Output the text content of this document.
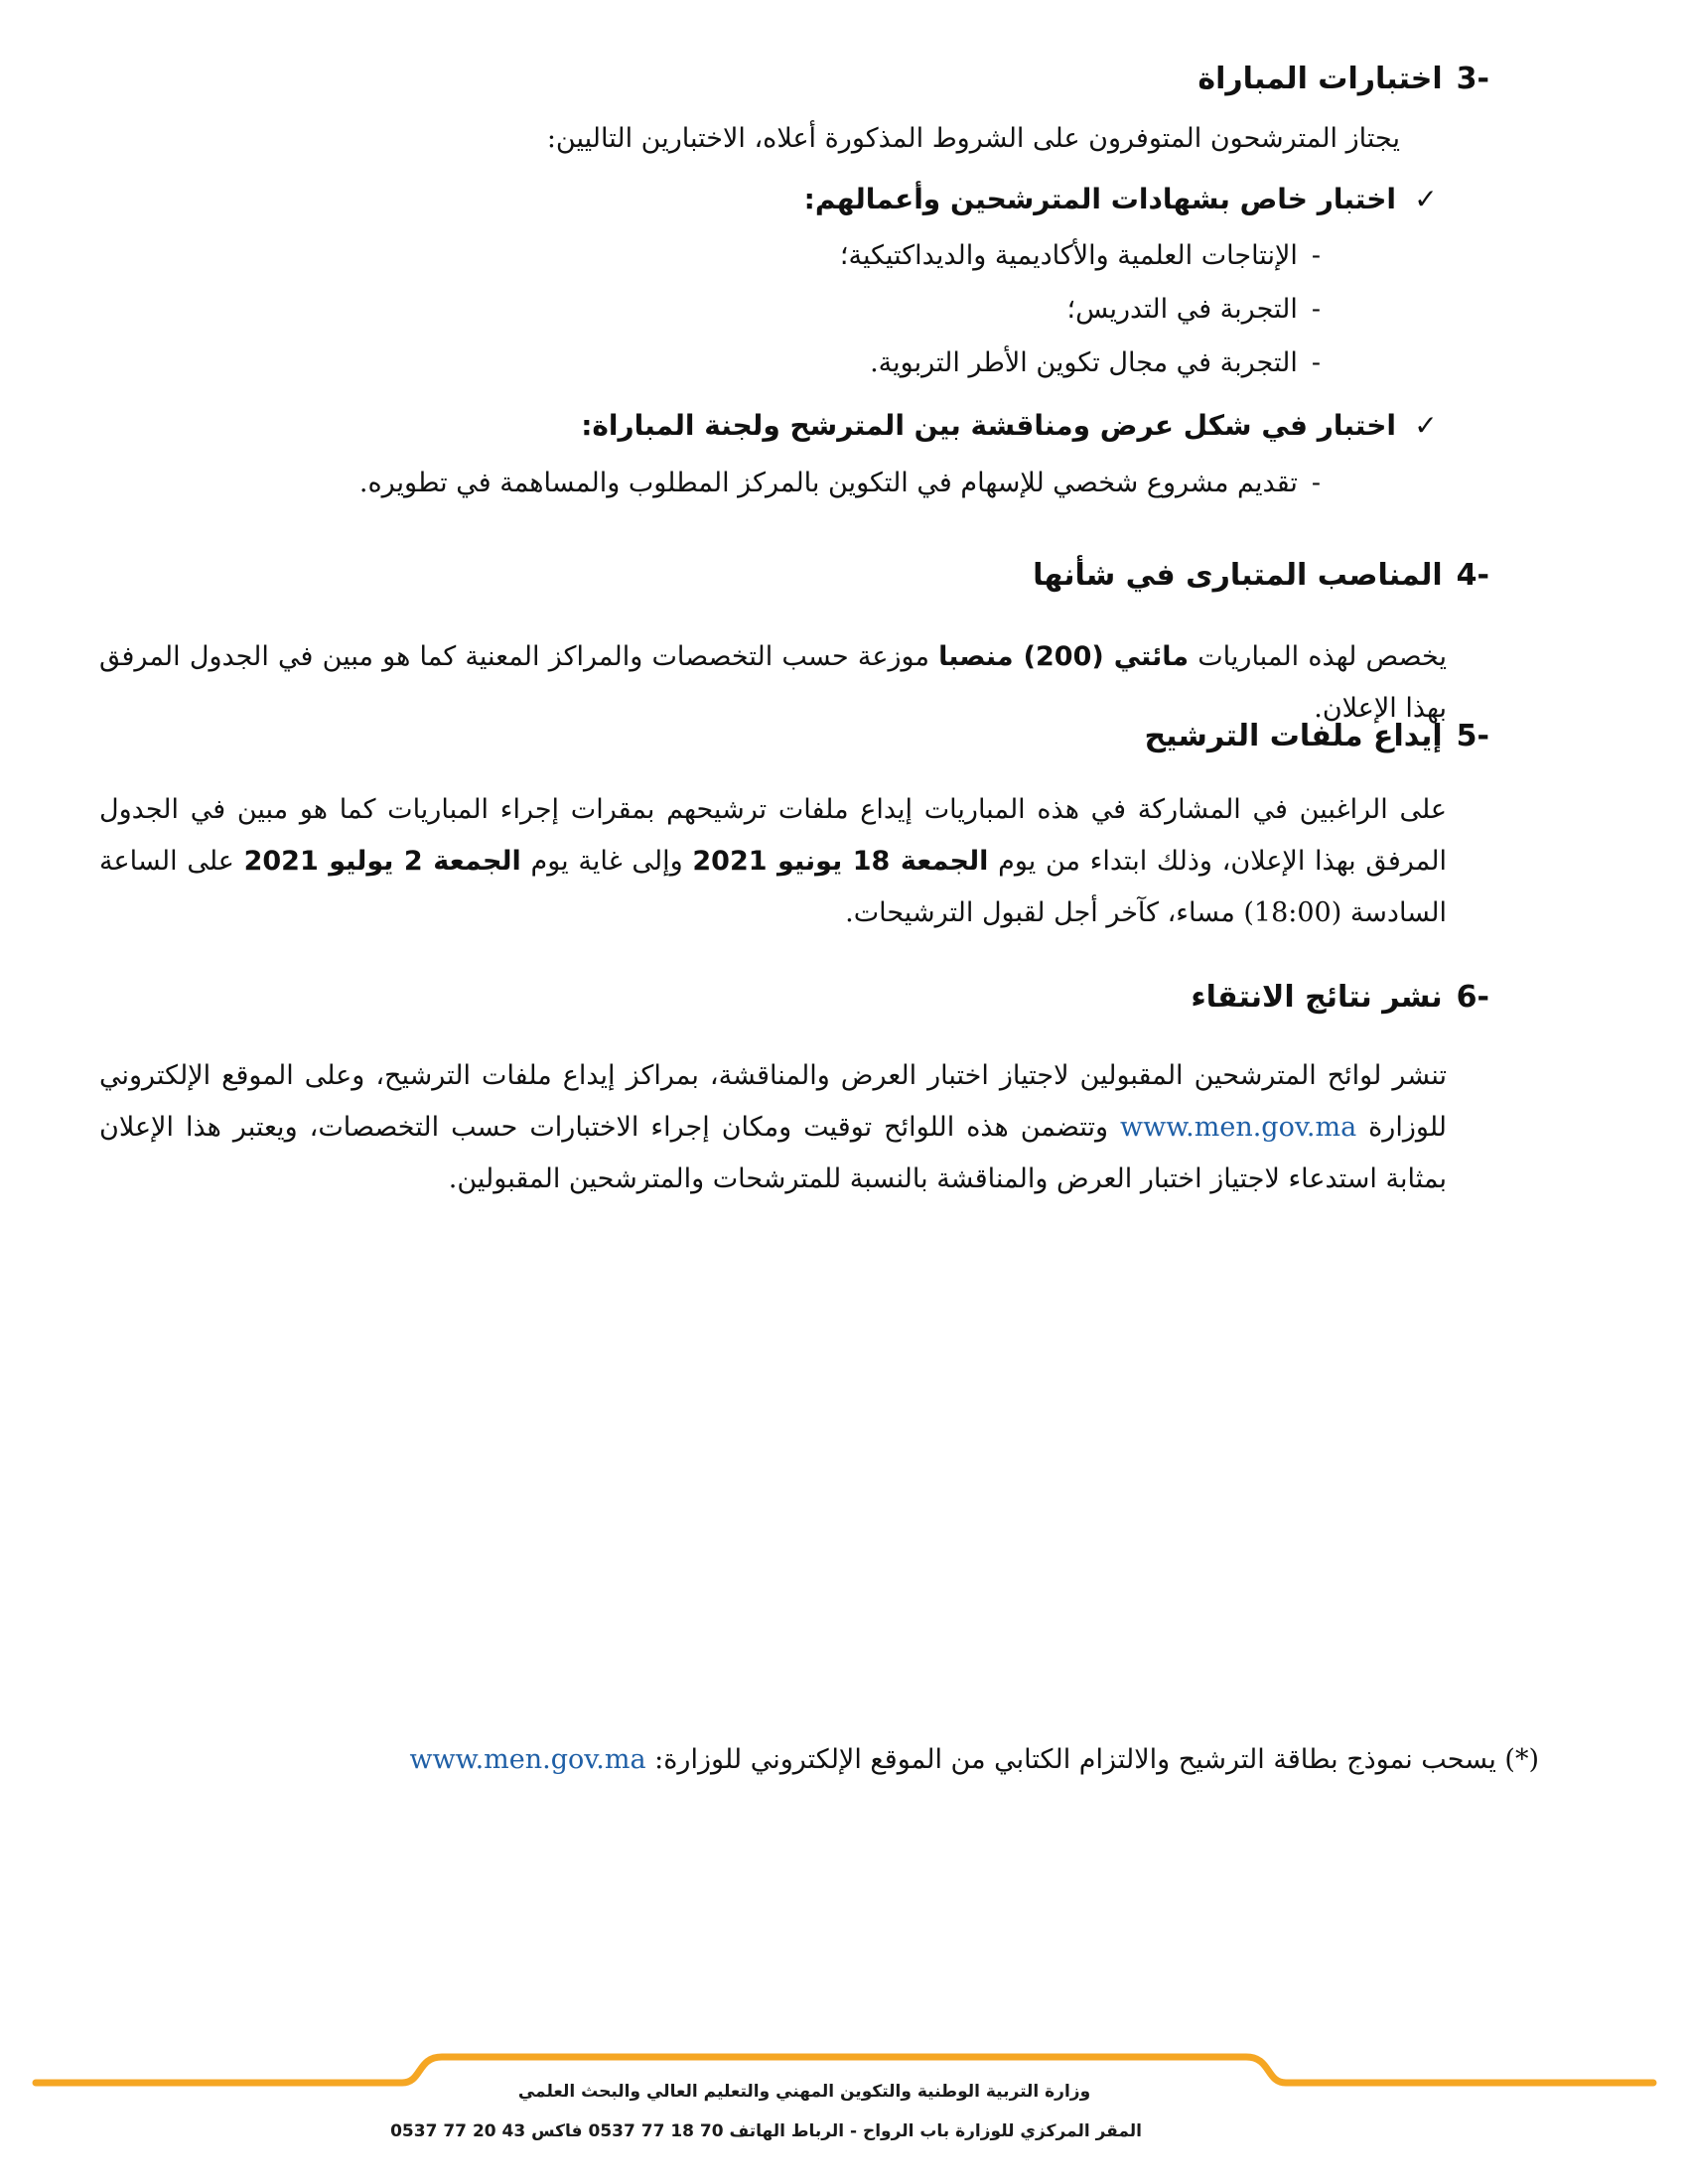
-3اختبارات المباراة
يجتاز المترشحون المتوفرون على الشروط المذكورة أعلاه، الاختبارين التاليين:
✓اختبار خاص بشهادات المترشحين وأعمالهم:
-الإنتاجات العلمية والأكاديمية والديداكتيكية؛
-التجربة في التدريس؛
-التجربة في مجال تكوين الأطر التربوية.
✓اختبار في شكل عرض ومناقشة بين المترشح ولجنة المباراة:
-تقديم مشروع شخصي للإسهام في التكوين بالمركز المطلوب والمساهمة في تطويره.
-4المناصب المتبارى في شأنها
يخصص لهذه المباريات مائتي (200) منصبا موزعة حسب التخصصات والمراكز المعنية كما هو مبين في الجدول المرفق بهذا الإعلان.
-5إيداع ملفات الترشيح
على الراغبين في المشاركة في هذه المباريات إيداع ملفات ترشيحهم بمقرات إجراء المباريات كما هو مبين في الجدول المرفق بهذا الإعلان، وذلك ابتداء من يوم الجمعة 18 يونيو 2021 وإلى غاية يوم الجمعة 2 يوليو 2021 على الساعة السادسة (18:00) مساء، كآخر أجل لقبول الترشيحات.
-6نشر نتائج الانتقاء
تنشر لوائح المترشحين المقبولين لاجتياز اختبار العرض والمناقشة، بمراكز إيداع ملفات الترشيح، وعلى الموقع الإلكتروني للوزارة www.men.gov.ma وتتضمن هذه اللوائح توقيت ومكان إجراء الاختبارات حسب التخصصات، ويعتبر هذا الإعلان بمثابة استدعاء لاجتياز اختبار العرض والمناقشة بالنسبة للمترشحات والمترشحين المقبولين.
(*) يسحب نموذج بطاقة الترشيح والالتزام الكتابي من الموقع الإلكتروني للوزارة: www.men.gov.ma
وزارة التربية الوطنية والتكوين المهني والتعليم العالي والبحث العلمي
المقر المركزي للوزارة باب الرواح - الرباط الهاتف 70 18 77 0537 فاكس 43 20 77 0537
